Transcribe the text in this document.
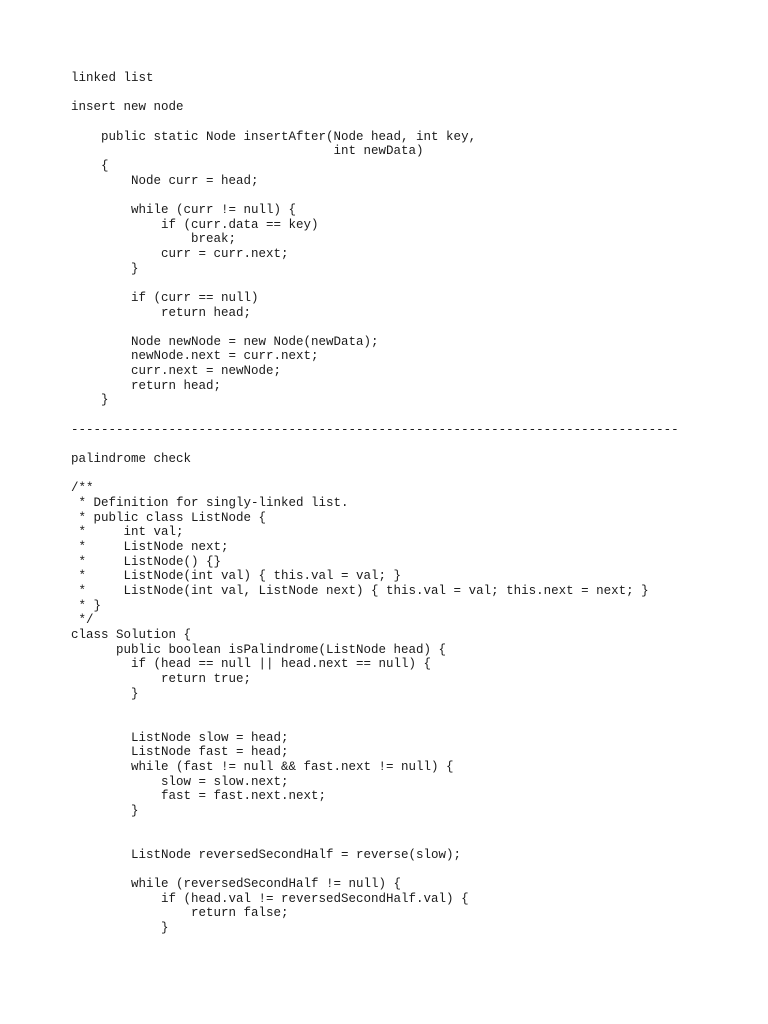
linked list

insert new node

public static Node insertAfter(Node head, int key,
int newData)
{
Node curr = head;

while (curr != null) {
if (curr.data == key)
break;
curr = curr.next;
}

if (curr == null)
return head;

Node newNode = new Node(newData);
newNode.next = curr.next;
curr.next = newNode;
return head;
}

---------------------------------------------------------------------------------

palindrome check

/**
* Definition for singly-linked list.
* public class ListNode {
*     int val;
*     ListNode next;
*     ListNode() {}
*     ListNode(int val) { this.val = val; }
*     ListNode(int val, ListNode next) { this.val = val; this.next = next; }
* }
*/
class Solution {
public boolean isPalindrome(ListNode head) {
if (head == null || head.next == null) {
return true;
}

ListNode slow = head;
ListNode fast = head;
while (fast != null && fast.next != null) {
slow = slow.next;
fast = fast.next.next;
}

ListNode reversedSecondHalf = reverse(slow);

while (reversedSecondHalf != null) {
if (head.val != reversedSecondHalf.val) {
return false;
}
